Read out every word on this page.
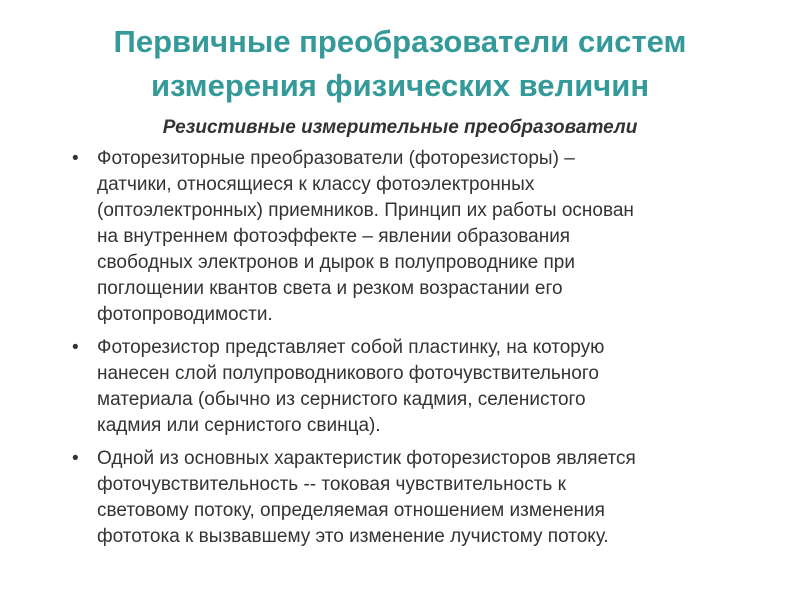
Первичные преобразователи систем
измерения физических величин
Резистивные измерительные преобразователи
• Фоторезиторные преобразователи (фоторезисторы) –
датчики, относящиеся к классу фотоэлектронных
(оптоэлектронных) приемников. Принцип их работы основан
на внутреннем фотоэффекте – явлении образования
свободных электронов и дырок в полупроводнике при
поглощении квантов света и резком возрастании его
фотопроводимости.
• Фоторезистор представляет собой пластинку, на которую
нанесен слой полупроводникового фоточувствительного
материала (обычно из сернистого кадмия, селенистого
кадмия или сернистого свинца).
• Одной из основных характеристик фоторезисторов является
фоточувствительность -- токовая чувствительность к
световому потоку, определяемая отношением изменения
фототока к вызвавшему это изменение лучистому потоку.
